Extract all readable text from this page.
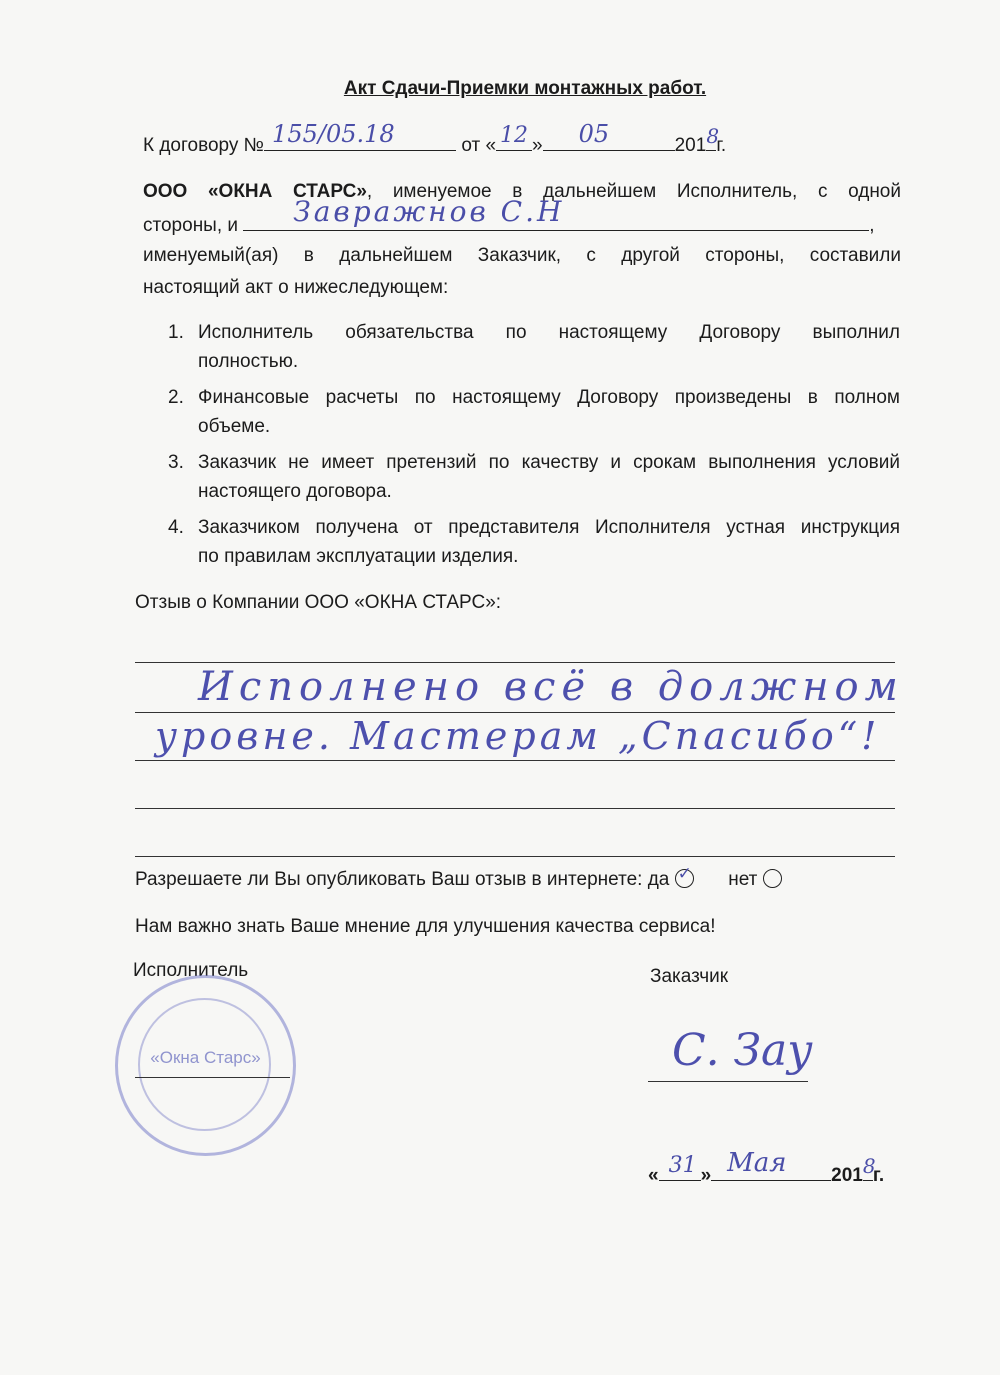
Акт Сдачи-Приемки монтажных работ.
К договору № 155/05.18	от « 12 » 05	201 8
г.
ООО «ОКНА СТАРС», именуемое в дальнейшем Исполнитель, с одной
стороны, и Завражнов С.Н	,
именуемый(ая) в дальнейшем Заказчик, с другой стороны, составили
настоящий акт о нижеследующем:
1. Исполнитель обязательства по настоящему Договору выполнил
полностью.
2. Финансовые расчеты по настоящему Договору произведены в полном
объеме.
3. Заказчик не имеет претензий по качеству и срокам выполнения условий
настоящего договора.
4. Заказчиком получена от представителя Исполнителя устная инструкция
по правилам эксплуатации изделия.
Отзыв о Компании ООО «ОКНА СТАРС»:
Исполнено всё в должном
уровне. Мастерам „Спасибо“!
Разрешаете ли Вы опубликовать Ваш отзыв в интернете: да ✓ нет
Нам важно знать Ваше мнение для улучшения качества сервиса!
Исполнитель	Заказчик
«Окна Старс»	С. Зау
« 31 » Мая 201 8
г.
